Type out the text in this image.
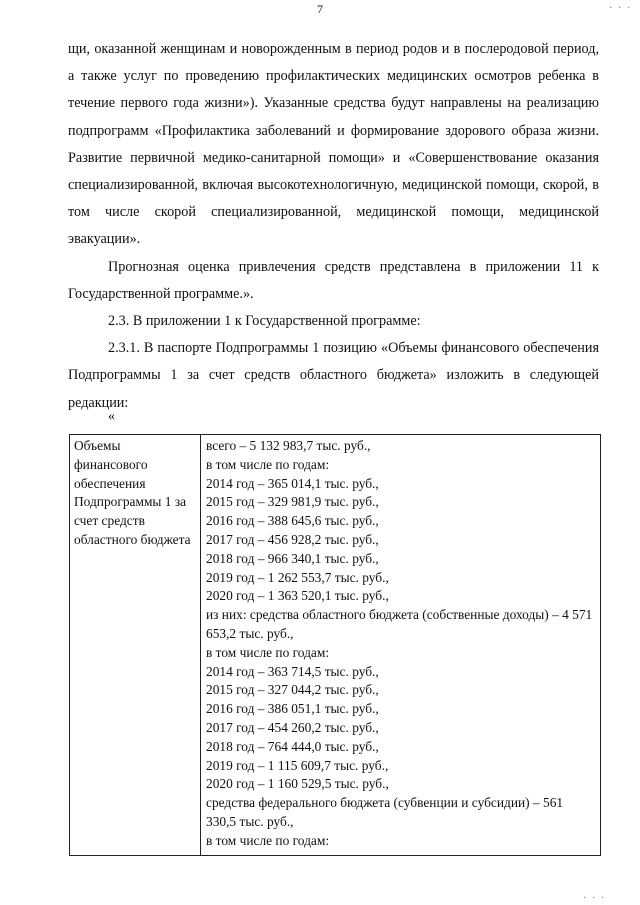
. . .
7

щи, оказанной женщинам и новорожденным в период родов и в послеродовой период, а также услуг по проведению профилактических медицинских осмотров ребенка в течение первого года жизни»). Указанные средства будут направлены на реализацию подпрограмм «Профилактика заболеваний и формирование здорового образа жизни. Развитие первичной медико-санитарной помощи» и «Совершенствование оказания специализированной, включая высокотехнологичную, медицинской помощи, скорой, в том числе скорой специализированной, медицинской помощи, медицинской эвакуации».

Прогнозная оценка привлечения средств представлена в приложении 11 к Государственной программе.».

2.3. В приложении 1 к Государственной программе:

2.3.1. В паспорте Подпрограммы 1 позицию «Объемы финансового обеспечения Подпрограммы 1 за счет средств областного бюджета» изложить в следующей редакции:

«
Объемы финансового обеспечения Подпрограммы 1 за счет средств областного бюджета	
всего – 5 132 983,7 тыс. руб.,
в том числе по годам:
2014 год – 365 014,1 тыс. руб.,
2015 год – 329 981,9 тыс. руб.,
2016 год – 388 645,6 тыс. руб.,
2017 год – 456 928,2 тыс. руб.,
2018 год – 966 340,1 тыс. руб.,
2019 год – 1 262 553,7 тыс. руб.,
2020 год – 1 363 520,1 тыс. руб.,
из них: средства областного бюджета (собственные доходы) – 4 571 653,2 тыс. руб.,
в том числе по годам:
2014 год – 363 714,5 тыс. руб.,
2015 год – 327 044,2 тыс. руб.,
2016 год – 386 051,1 тыс. руб.,
2017 год – 454 260,2 тыс. руб.,
2018 год – 764 444,0 тыс. руб.,
2019 год – 1 115 609,7 тыс. руб.,
2020 год – 1 160 529,5 тыс. руб.,
средства федерального бюджета (субвенции и субсидии) – 561 330,5 тыс. руб.,
в том числе по годам:
. . .
